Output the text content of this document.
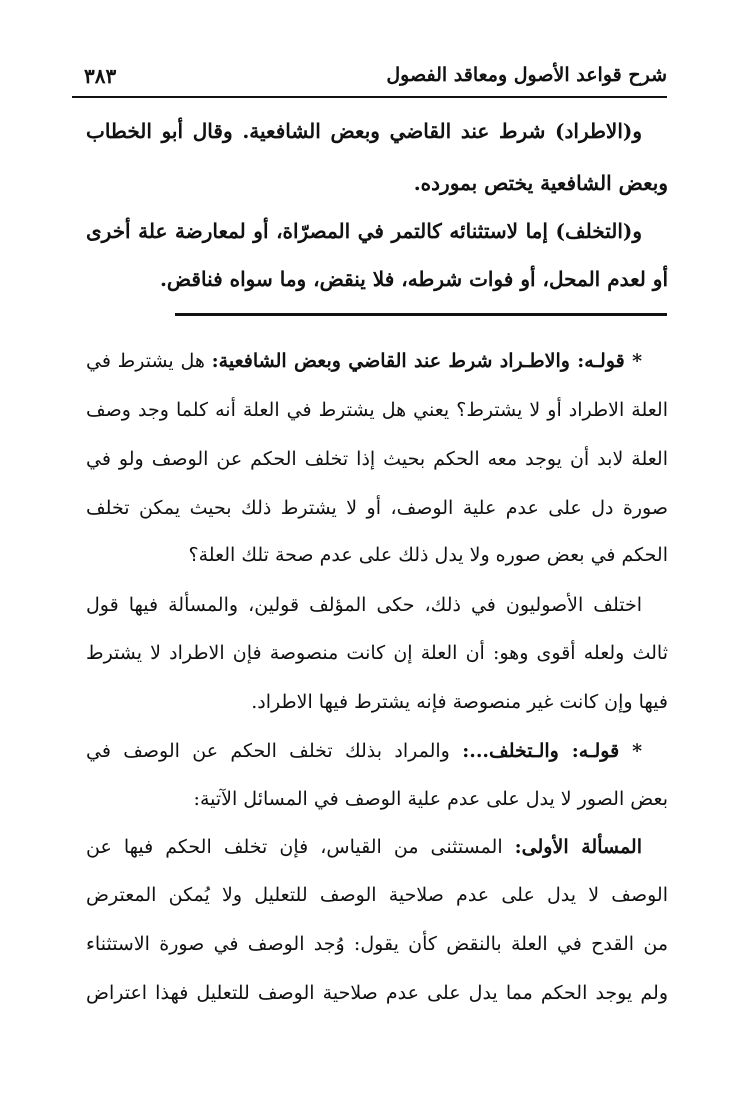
شرح قواعد الأصول ومعاقد الفصول
٣٨٣
و(الاطراد) شرط عند القاضي وبعض الشافعية. وقال أبو الخطاب
وبعض الشافعية يختص بمورده.
و(التخلف) إما لاستثنائه كالتمر في المصرّاة، أو لمعارضة علة أخرى
أو لعدم المحل، أو فوات شرطه، فلا ينقض، وما سواه فناقض.
* قولـه: والاطـراد شرط عند القاضي وبعض الشافعية: هل يشترط في
العلة الاطراد أو لا يشترط؟ يعني هل يشترط في العلة أنه كلما وجد وصف
العلة لابد أن يوجد معه الحكم بحيث إذا تخلف الحكم عن الوصف ولو في
صورة دل على عدم علية الوصف، أو لا يشترط ذلك بحيث يمكن تخلف
الحكم في بعض صوره ولا يدل ذلك على عدم صحة تلك العلة؟
اختلف الأصوليون في ذلك، حكى المؤلف قولين، والمسألة فيها قول
ثالث ولعله أقوى وهو: أن العلة إن كانت منصوصة فإن الاطراد لا يشترط
فيها وإن كانت غير منصوصة فإنه يشترط فيها الاطراد.
* قولـه: والـتخلف...: والمراد بذلك تخلف الحكم عن الوصف في
بعض الصور لا يدل على عدم علية الوصف في المسائل الآتية:
المسألة الأولى: المستثنى من القياس، فإن تخلف الحكم فيها عن
الوصف لا يدل على عدم صلاحية الوصف للتعليل ولا يُمكن المعترض
من القدح في العلة بالنقض كأن يقول: وُجد الوصف في صورة الاستثناء
ولم يوجد الحكم مما يدل على عدم صلاحية الوصف للتعليل فهذا اعتراض
